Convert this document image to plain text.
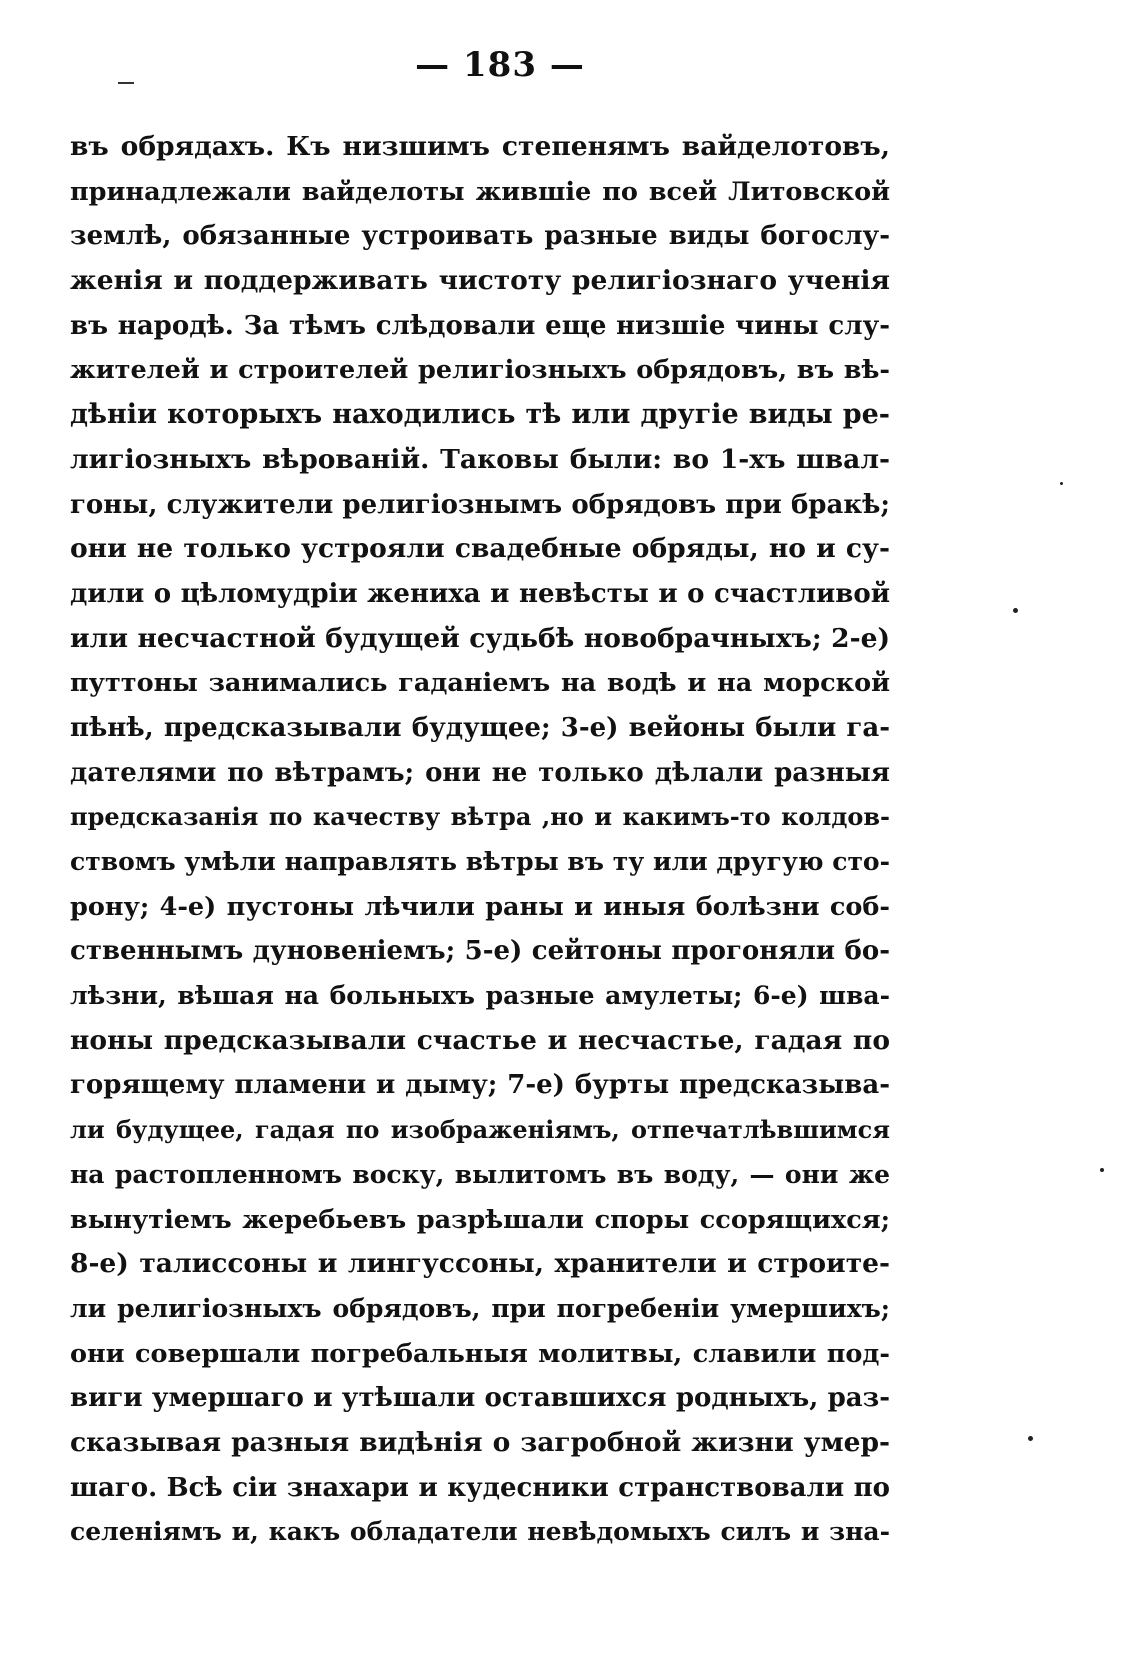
— 183 —
въ обрядахъ. Къ низшимъ степенямъ вайделотовъ,
принадлежали вайделоты жившіе по всей Литовской
землѣ, обязанные устроивать разные виды богослу-
женія и поддерживать чистоту религіознаго ученія
въ народѣ. За тѣмъ слѣдовали еще низшіе чины слу-
жителей и строителей религіозныхъ обрядовъ, въ вѣ-
дѣніи которыхъ находились тѣ или другіе виды ре-
лигіозныхъ вѣрованій. Таковы были: во 1-хъ швал-
гоны, служители религіознымъ обрядовъ при бракѣ;
они не только устрояли свадебные обряды, но и су-
дили о цѣломудріи жениха и невѣсты и о счастливой
или несчастной будущей судьбѣ новобрачныхъ; 2-е)
путтоны занимались гаданіемъ на водѣ и на морской
пѣнѣ, предсказывали будущее; 3-е) вейоны были га-
дателями по вѣтрамъ; они не только дѣлали разныя
предсказанія по качеству вѣтра ,но и какимъ-то колдов-
ствомъ умѣли направлять вѣтры въ ту или другую сто-
рону; 4-е) пустоны лѣчили раны и иныя болѣзни соб-
ственнымъ дуновеніемъ; 5-е) сейтоны прогоняли бо-
лѣзни, вѣшая на больныхъ разные амулеты; 6-е) шва-
ноны предсказывали счастье и несчастье, гадая по
горящему пламени и дыму; 7-е) бурты предсказыва-
ли будущее, гадая по изображеніямъ, отпечатлѣвшимся
на растопленномъ воску, вылитомъ въ воду, — они же
вынутіемъ жеребьевъ разрѣшали споры ссорящихся;
8-е) талиссоны и лингуссоны, хранители и строите-
ли религіозныхъ обрядовъ, при погребеніи умершихъ;
они совершали погребальныя молитвы, славили под-
виги умершаго и утѣшали оставшихся родныхъ, раз-
сказывая разныя видѣнія о загробной жизни умер-
шаго. Всѣ сіи знахари и кудесники странствовали по
селеніямъ и, какъ обладатели невѣдомыхъ силъ и зна-
